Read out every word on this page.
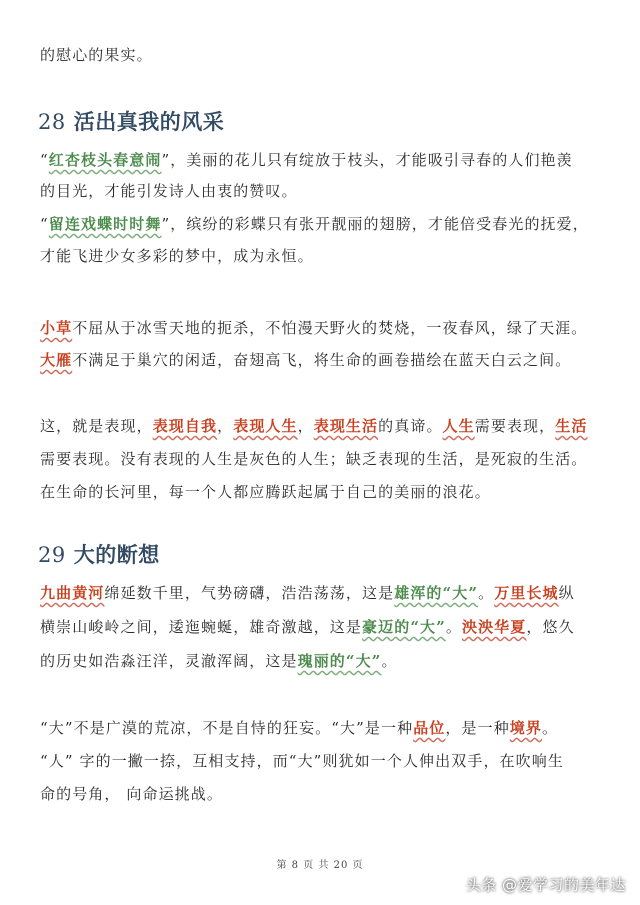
的慰心的果实。
28 活出真我的风采
“红杏枝头春意闹”，美丽的花儿只有绽放于枝头，才能吸引寻春的人们艳羡
的目光，才能引发诗人由衷的赞叹。
“留连戏蝶时时舞”，缤纷的彩蝶只有张开靓丽的翅膀，才能倍受春光的抚爱，
才能飞进少女多彩的梦中，成为永恒。
小草不屈从于冰雪天地的扼杀，不怕漫天野火的焚烧，一夜春风，绿了天涯。
大雁不满足于巢穴的闲适，奋翅高飞，将生命的画卷描绘在蓝天白云之间。
这，就是表现，表现自我，表现人生，表现生活的真谛。人生需要表现，生活
需要表现。没有表现的人生是灰色的人生；缺乏表现的生活，是死寂的生活。
在生命的长河里，每一个人都应腾跃起属于自己的美丽的浪花。
29 大的断想
九曲黄河绵延数千里，气势磅礴，浩浩荡荡，这是雄浑的“大”。万里长城纵
横崇山峻岭之间，逶迤蜿蜒，雄奇激越，这是豪迈的“大”。泱泱华夏，悠久
的历史如浩淼汪洋，灵澈浑阔，这是瑰丽的“大”。
“大”不是广漠的荒凉，不是自恃的狂妄。“大”是一种品位，是一种境界。
“人” 字的一撇一捺，互相支持，而“大”则犹如一个人伸出双手，在吹响生
命的号角， 向命运挑战。
第 8 页 共 20 页
头条 @爱学习的美年达
